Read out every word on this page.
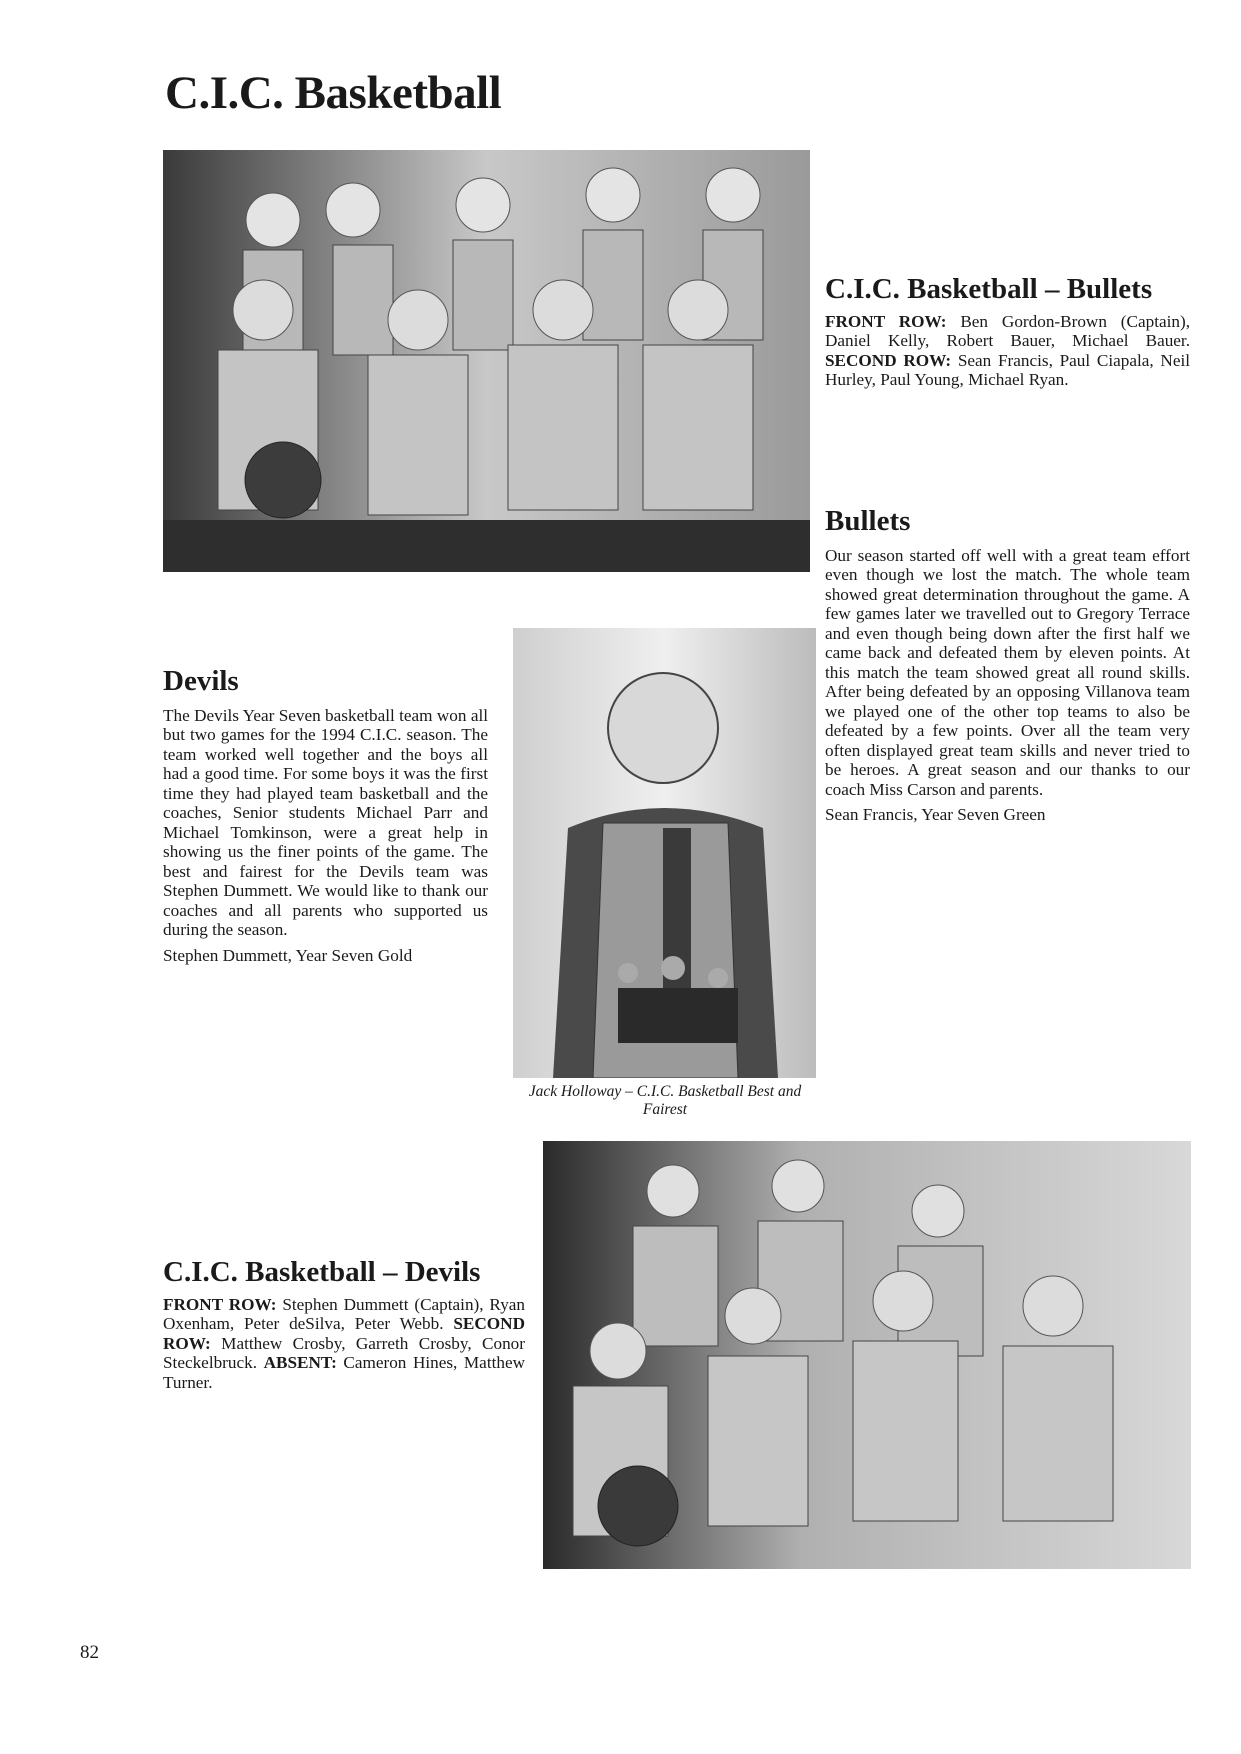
C.I.C. Basketball
C.I.C. Basketball – Bullets

FRONT ROW: Ben Gordon-Brown (Captain), Daniel Kelly, Robert Bauer, Michael Bauer. SECOND ROW: Sean Francis, Paul Ciapala, Neil Hurley, Paul Young, Michael Ryan.

Bullets

Our season started off well with a great team effort even though we lost the match. The whole team showed great determination throughout the game. A few games later we travelled out to Gregory Terrace and even though being down after the first half we came back and defeated them by eleven points. At this match the team showed great all round skills. After being defeated by an opposing Villanova team we played one of the other top teams to also be defeated by a few points. Over all the team very often displayed great team skills and never tried to be heroes. A great season and our thanks to our coach Miss Carson and parents.

Sean Francis, Year Seven Green

Jack Holloway – C.I.C. Basketball Best and Fairest

Devils

The Devils Year Seven basketball team won all but two games for the 1994 C.I.C. season. The team worked well together and the boys all had a good time. For some boys it was the first time they had played team basketball and the coaches, Senior students Michael Parr and Michael Tomkinson, were a great help in showing us the finer points of the game. The best and fairest for the Devils team was Stephen Dummett. We would like to thank our coaches and all parents who supported us during the season.

Stephen Dummett, Year Seven Gold

C.I.C. Basketball – Devils

FRONT ROW: Stephen Dummett (Captain), Ryan Oxenham, Peter deSilva, Peter Webb. SECOND ROW: Matthew Crosby, Garreth Crosby, Conor Steckelbruck. ABSENT: Cameron Hines, Matthew Turner.

82
